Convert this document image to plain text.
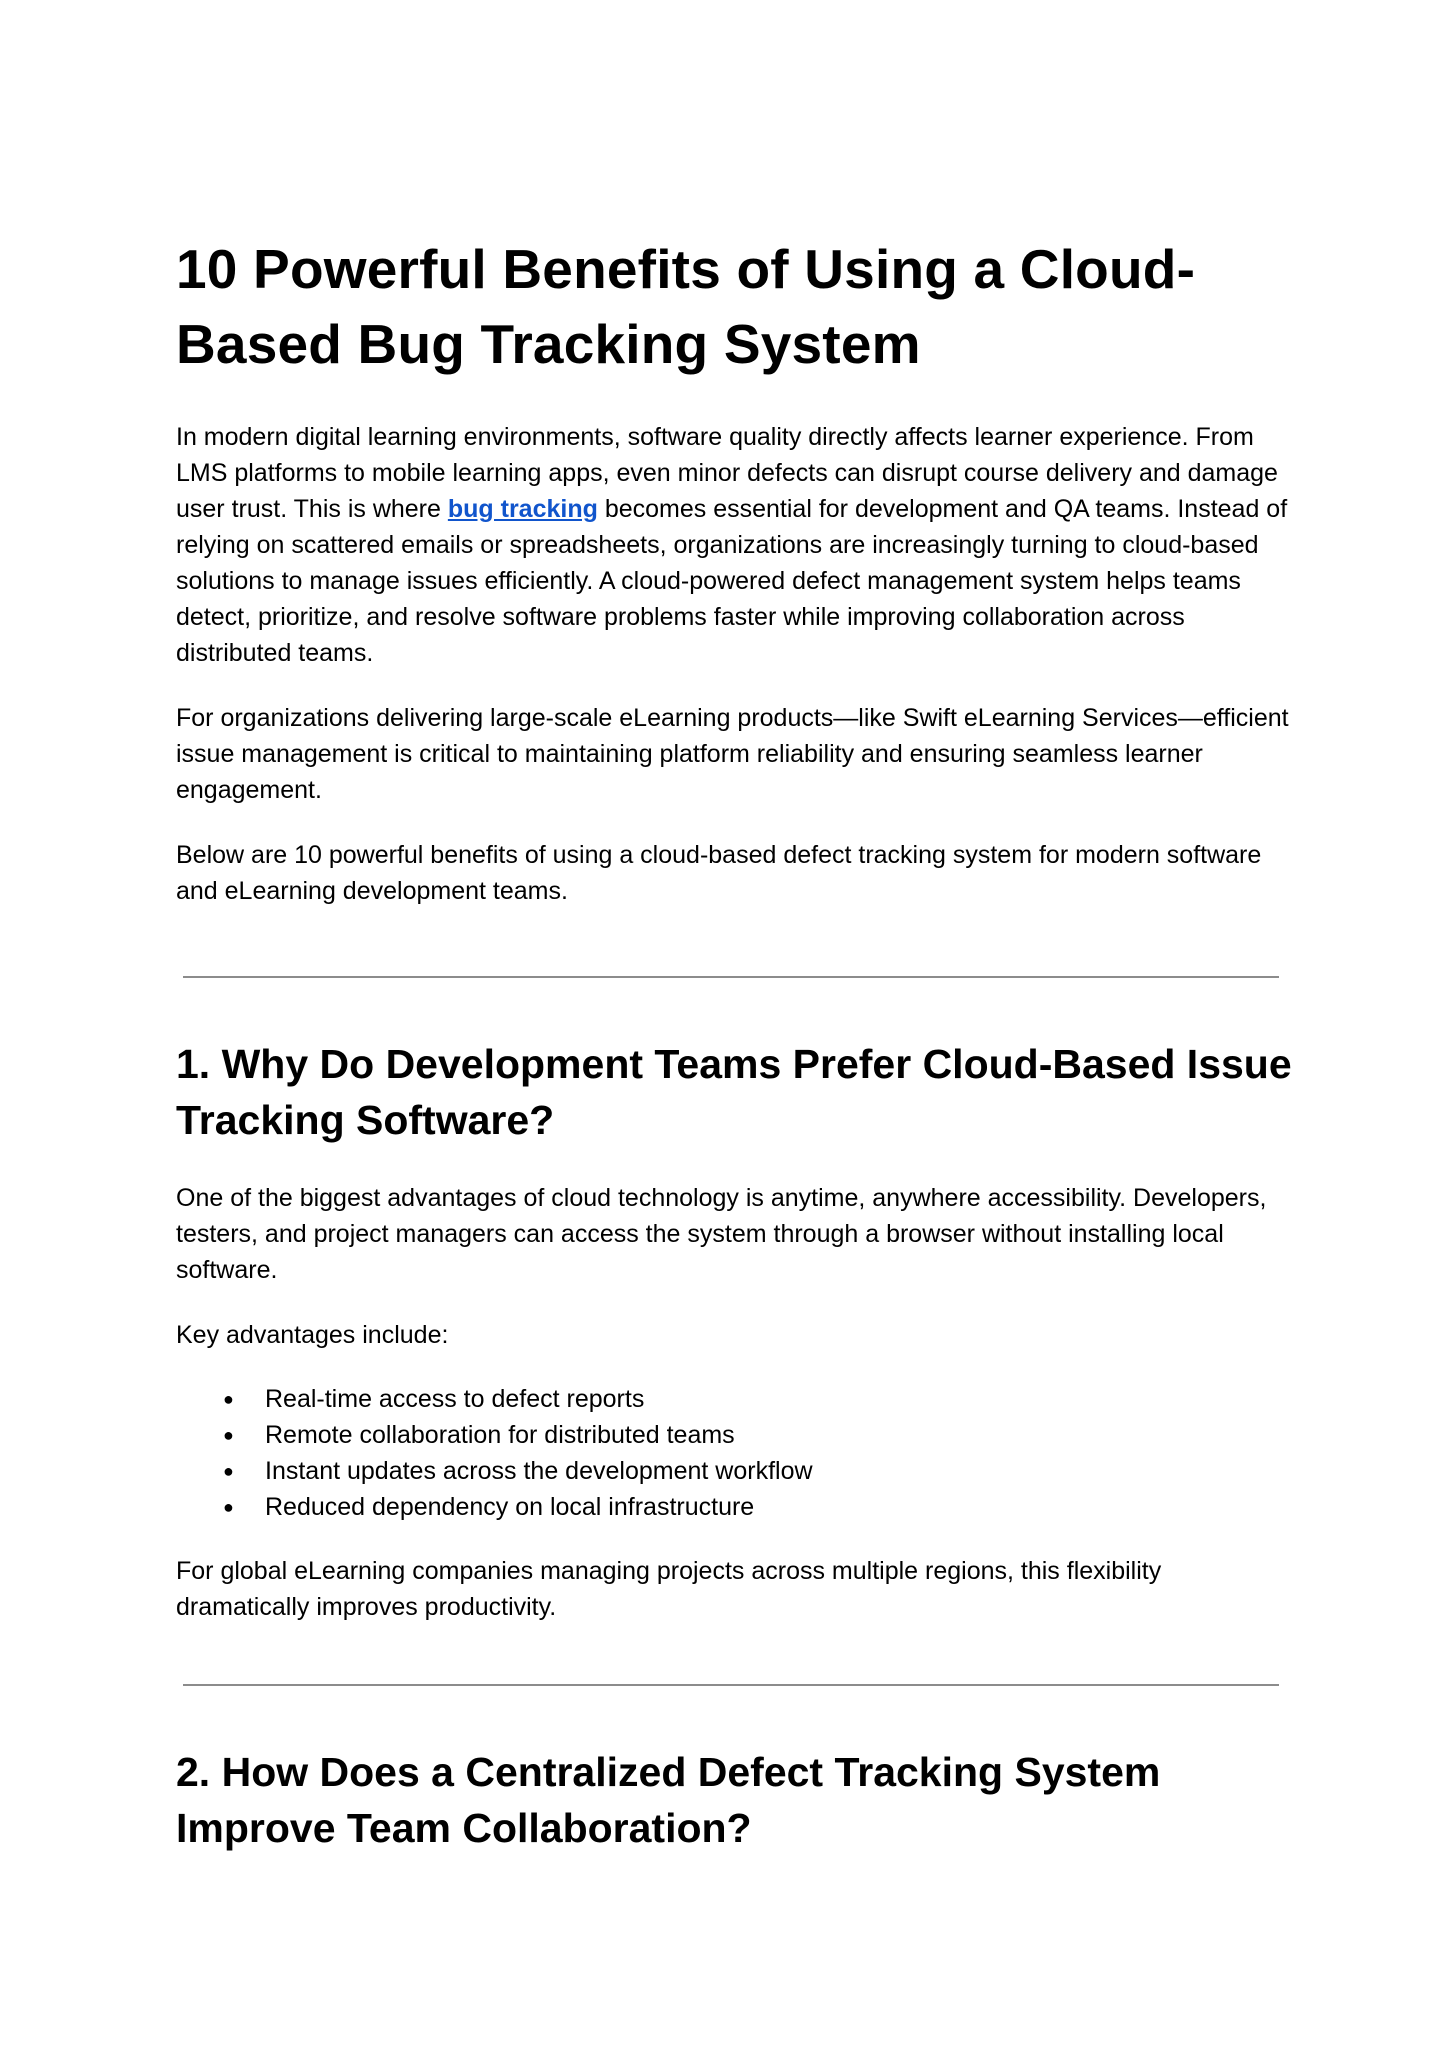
10 Powerful Benefits of Using a Cloud-Based Bug Tracking System

In modern digital learning environments, software quality directly affects learner experience. From LMS platforms to mobile learning apps, even minor defects can disrupt course delivery and damage user trust. This is where bug tracking becomes essential for development and QA teams. Instead of relying on scattered emails or spreadsheets, organizations are increasingly turning to cloud-based solutions to manage issues efficiently. A cloud-powered defect management system helps teams detect, prioritize, and resolve software problems faster while improving collaboration across distributed teams.

For organizations delivering large-scale eLearning products—like Swift eLearning Services—efficient issue management is critical to maintaining platform reliability and ensuring seamless learner engagement.

Below are 10 powerful benefits of using a cloud-based defect tracking system for modern software and eLearning development teams.

1. Why Do Development Teams Prefer Cloud-Based Issue Tracking Software?

One of the biggest advantages of cloud technology is anytime, anywhere accessibility. Developers, testers, and project managers can access the system through a browser without installing local software.

Key advantages include:

● Real-time access to defect reports
● Remote collaboration for distributed teams
● Instant updates across the development workflow
● Reduced dependency on local infrastructure

For global eLearning companies managing projects across multiple regions, this flexibility dramatically improves productivity.

2. How Does a Centralized Defect Tracking System Improve Team Collaboration?
